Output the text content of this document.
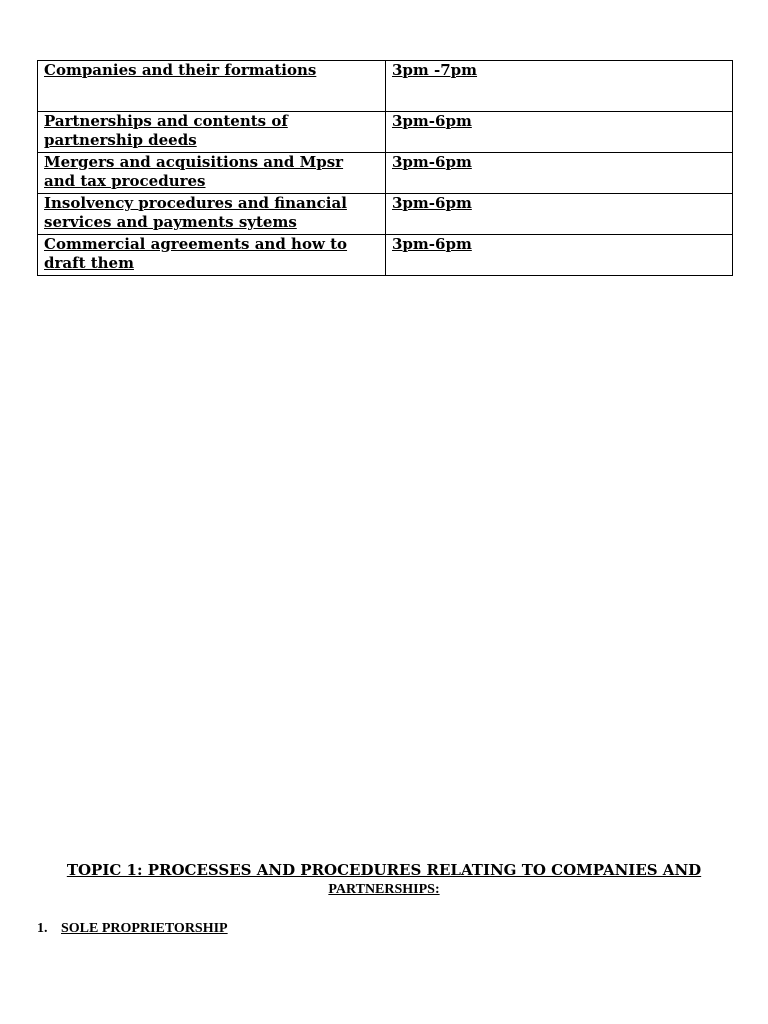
Companies and their formations	3pm -7pm
Partnerships and contents of partnership deeds	3pm-6pm
Mergers and acquisitions and Mpsr and tax procedures	3pm-6pm
Insolvency procedures and financial services and payments sytems	3pm-6pm
Commercial agreements and how to draft them	3pm-6pm
TOPIC 1: PROCESSES AND PROCEDURES RELATING TO COMPANIES AND
PARTNERSHIPS:
1. SOLE PROPRIETORSHIP
